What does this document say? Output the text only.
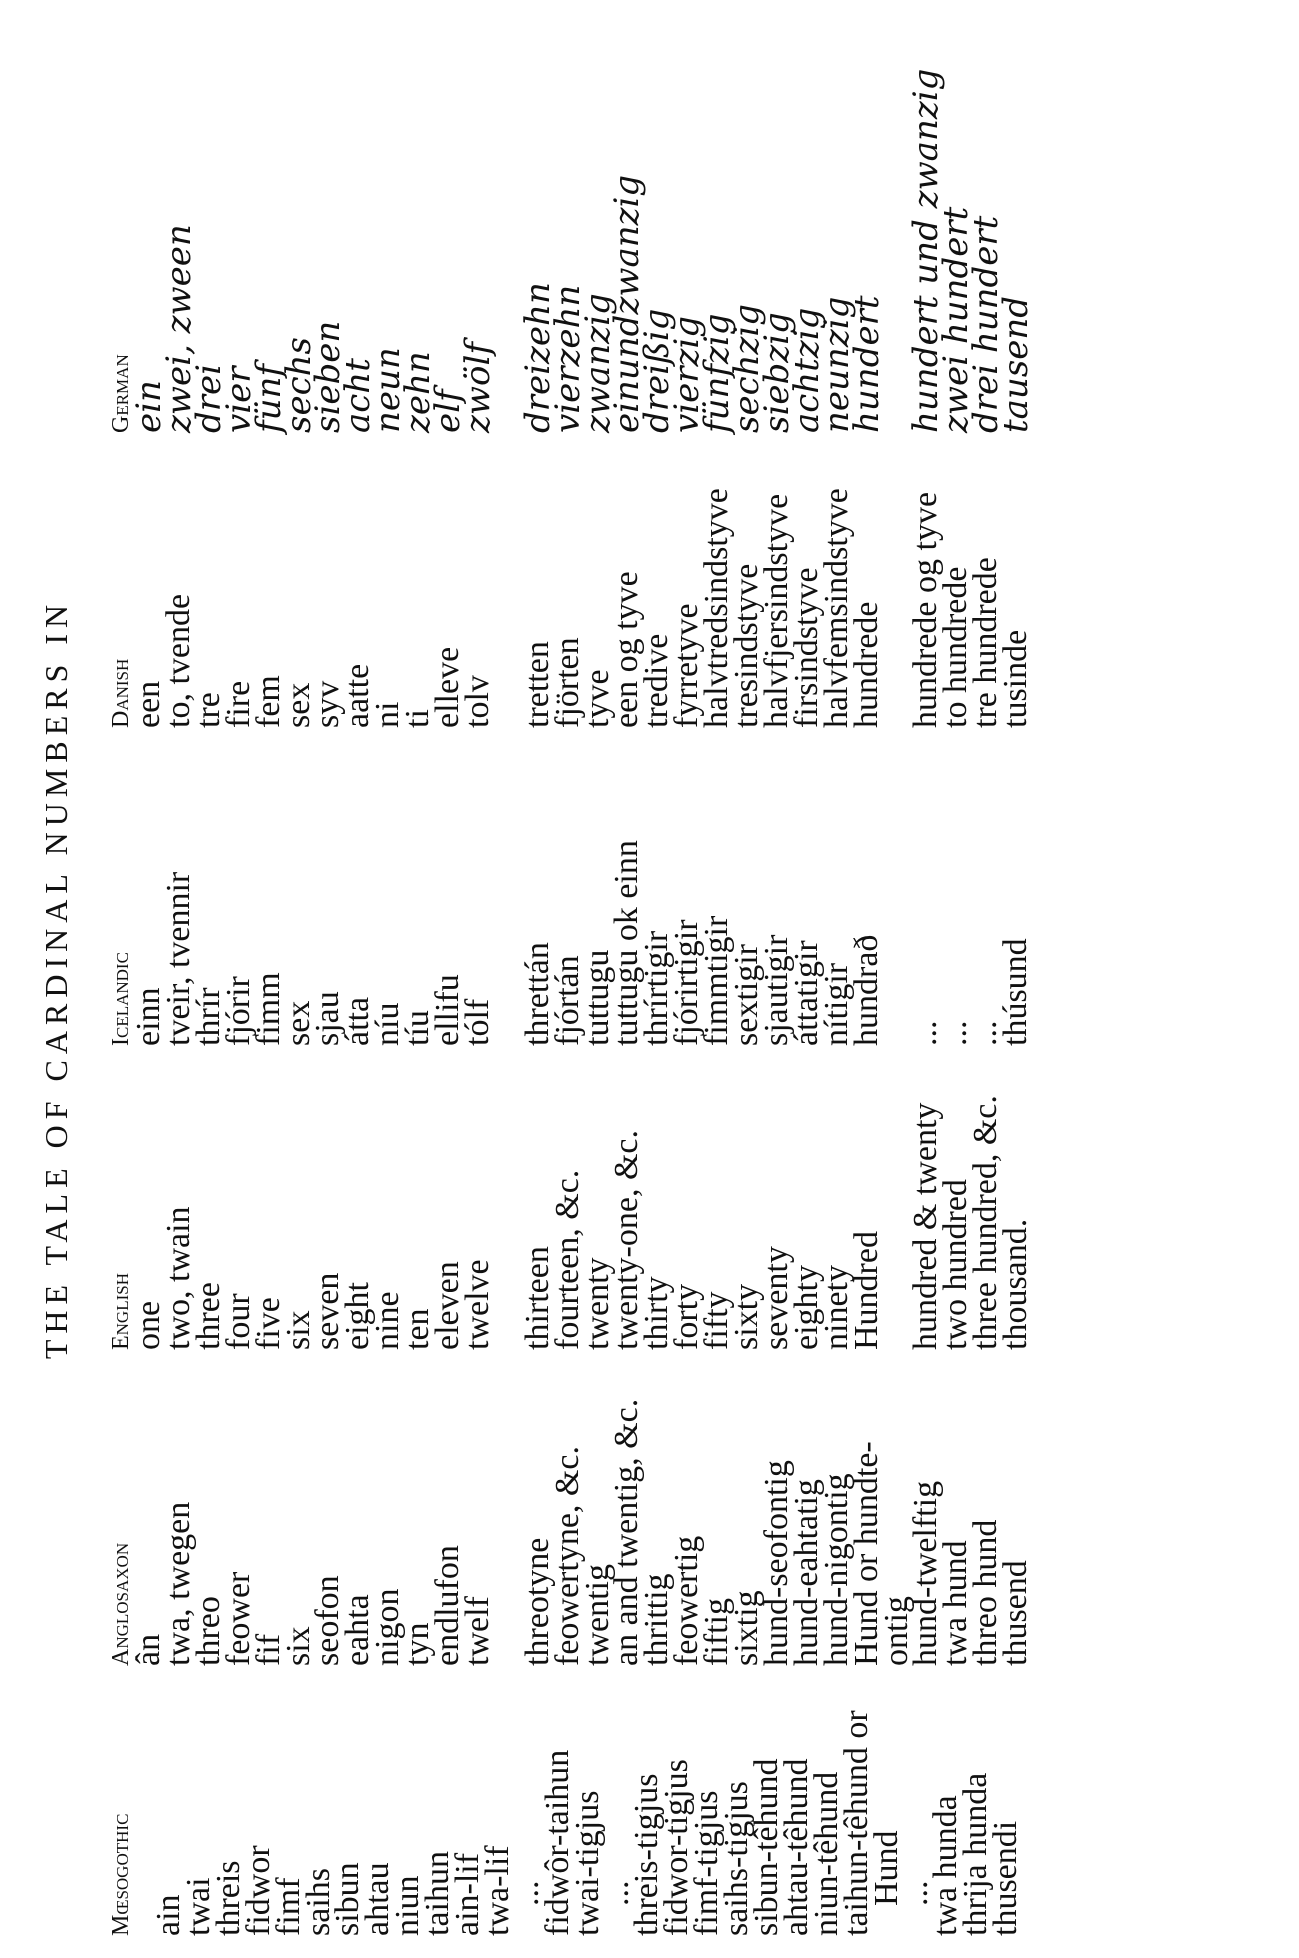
THE TALE OF CARDINAL NUMBERS IN
Mœsogothic ain
twai
threis
fidwor
fimf
saihs
sibun
ahtau
niun
taihun
ain-lif
twa-lif
...
fidwôr-taihun
twai-tigjus
...
threis-tigjus
fidwor-tigjus
fimf-tigjus
saihs-tigjus
sibun-têhund
ahtau-têhund
niun-têhund
taihun-têhund or
Hund
...
twa hunda
thrija hunda
thusendi
Anglosaxon
ân
twa, twegen
threo
feower
fif
six
seofon
eahta
nigon
tyn
endlufon
twelf threotyne
feowertyne, &c.
twentig
an and twentig, &c.
thrittig
feowertig
fiftig
sixtig
hund-seofontig
hund-eahtatig
hund-nigontig
Hund or hundte-
ontig
hund-twelftig
twa hund
threo hund
thusend
English
one
two, twain
three
four
five
six
seven
eight
nine
ten
eleven
twelve thirteen
fourteen, &c.
twenty
twenty-one, &c.
thirty
forty
fifty
sixty
seventy
eighty
ninety
Hundred hundred & twenty
two hundred
three hundred, &c.
thousand.
Icelandic
einn
tveir, tvennir
thrír
fjórir
fimm
sex
sjau
átta
níu
tíu
ellifu
tólf threttán
fjórtán
tuttugu
tuttugu ok einn
thrírtigir
fjórirtigir
fimmtigir
sextigir
sjautigir
áttatigir
nítigir
hundrað ...
...
...
thúsund
Danish
een
to, tvende
tre
fire
fem
sex
syv
aatte
ni
ti
elleve
tolv tretten
fjörten
tyve
een og tyve
tredive
fyrretyve
halvtredsindstyve
tresindstyve
halvfjersindstyve
firsindstyve
halvfemsindstyve
hundrede hundrede og tyve
to hundrede
tre hundrede
tusinde
German
ein
zwei, zween
drei
vier
fünf
sechs
sieben
acht
neun
zehn
elf
zwölf dreizehn
vierzehn
zwanzig
einundzwanzig
dreißig
vierzig
fünfzig
sechzig
siebzig
achtzig
neunzig
hundert hundert und zwanzig
zwei hundert
drei hundert
tausend
